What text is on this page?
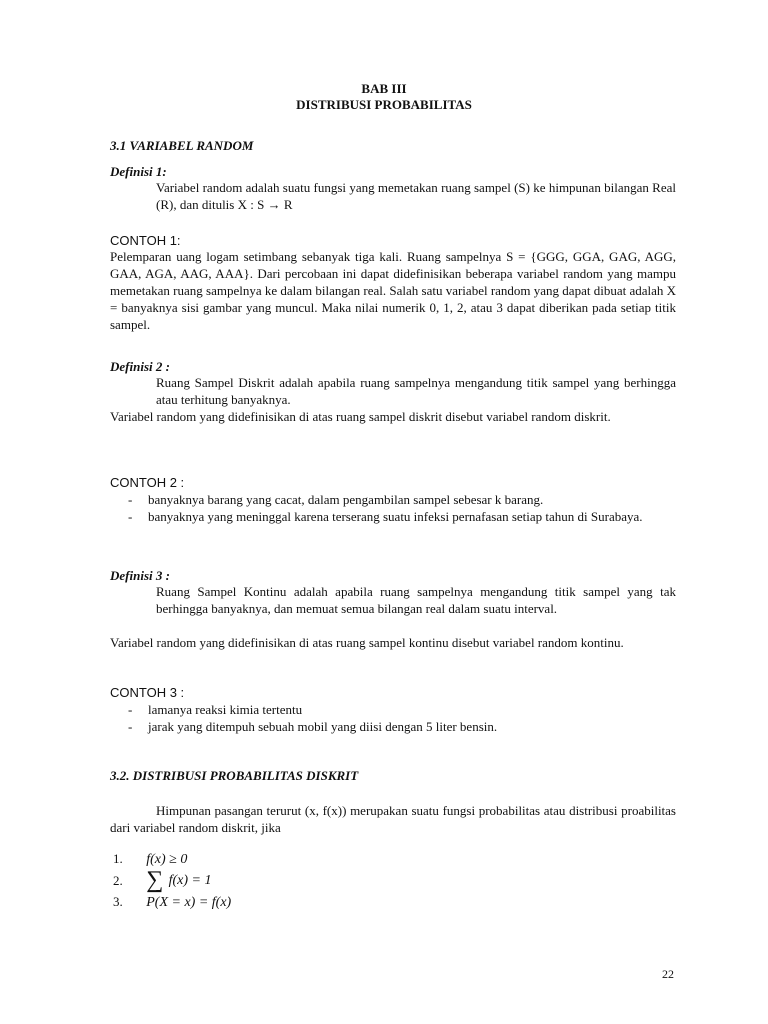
BAB III
DISTRIBUSI PROBABILITAS
3.1 VARIABEL RANDOM
Definisi 1:
Variabel random adalah suatu fungsi yang memetakan ruang sampel (S) ke himpunan bilangan Real (R), dan ditulis X : S → R
CONTOH 1:
Pelemparan uang logam setimbang sebanyak tiga kali. Ruang sampelnya S = {GGG, GGA, GAG, AGG, GAA, AGA, AAG, AAA}. Dari percobaan ini dapat didefinisikan beberapa variabel random yang mampu memetakan ruang sampelnya ke dalam bilangan real. Salah satu variabel random yang dapat dibuat adalah X = banyaknya sisi gambar yang muncul. Maka nilai numerik 0, 1, 2, atau 3 dapat diberikan pada setiap titik sampel.
Definisi 2 :
Ruang Sampel Diskrit adalah apabila ruang sampelnya mengandung titik sampel yang berhingga atau terhitung banyaknya.
Variabel random yang didefinisikan di atas ruang sampel diskrit disebut variabel random diskrit.
CONTOH 2 :
-	banyaknya barang yang cacat, dalam pengambilan sampel sebesar k barang.
-	banyaknya yang meninggal karena terserang suatu infeksi pernafasan setiap tahun di Surabaya.
Definisi 3 :
Ruang Sampel Kontinu adalah apabila ruang sampelnya mengandung titik sampel yang tak berhingga banyaknya, dan memuat semua bilangan real dalam suatu interval.
Variabel random yang didefinisikan di atas ruang sampel kontinu disebut variabel random kontinu.
CONTOH 3 :
-	lamanya reaksi kimia tertentu
-	jarak yang ditempuh sebuah mobil yang diisi dengan 5 liter bensin.
3.2. DISTRIBUSI PROBABILITAS DISKRIT
Himpunan pasangan terurut (x, f(x)) merupakan suatu fungsi probabilitas atau distribusi proabilitas dari variabel random diskrit, jika
1. f(x) ≥ 0
2. ∑ f(x) = 1
3. P(X = x) = f(x)
22
